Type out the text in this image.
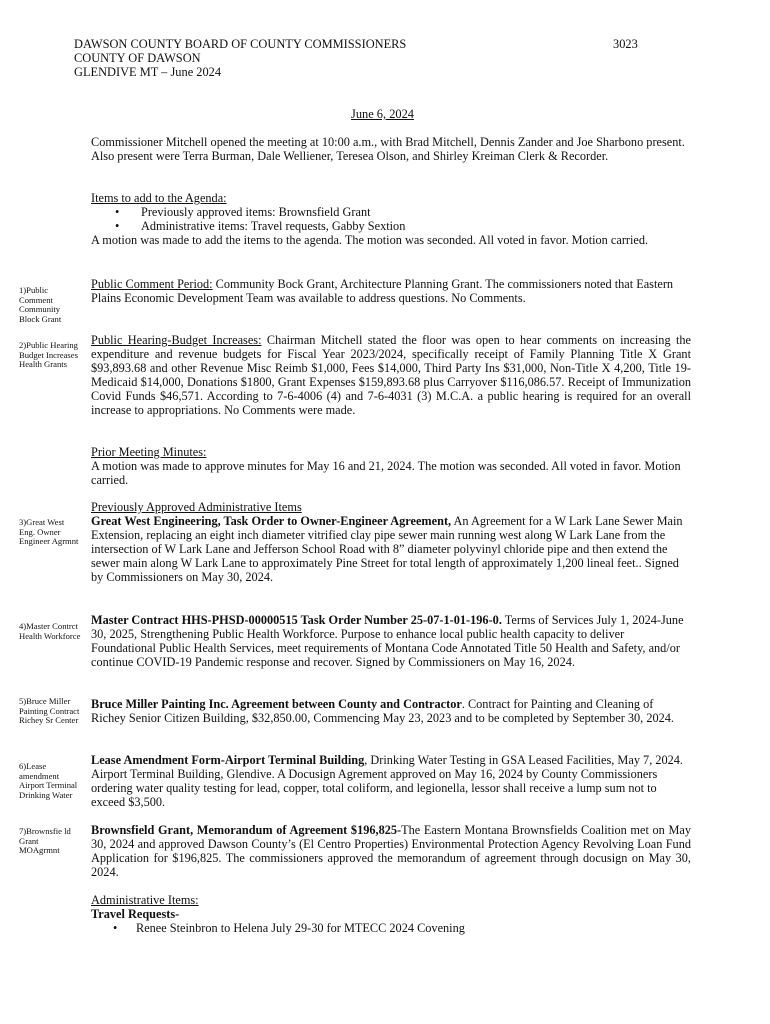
DAWSON COUNTY BOARD OF COUNTY COMMISSIONERS
COUNTY OF DAWSON
GLENDIVE MT – June 2024
3023
June 6, 2024
Commissioner Mitchell opened the meeting at 10:00 a.m., with Brad Mitchell, Dennis Zander and Joe Sharbono present. Also present were Terra Burman, Dale Welliener, Teresea Olson, and Shirley Kreiman Clerk & Recorder.
Items to add to the Agenda:
• Previously approved items: Brownsfield Grant
• Administrative items: Travel requests, Gabby Sextion
A motion was made to add the items to the agenda. The motion was seconded. All voted in favor. Motion carried.
1)Public Comment Community Block Grant
2)Public Hearing Budget Increases Health Grants
3)Great West Eng. Owner Engineer Agrmnt
4)Master Contrct Health Workforce
5)Bruce Miller Painting Contract Richey Sr Center
6)Lease amendment Airport Terminal Drinking Water
7)Brownsfie ld Grant MOAgrmnt
Public Comment Period: Community Bock Grant, Architecture Planning Grant. The commissioners noted that Eastern Plains Economic Development Team was available to address questions. No Comments.
Public Hearing-Budget Increases: Chairman Mitchell stated the floor was open to hear comments on increasing the expenditure and revenue budgets for Fiscal Year 2023/2024, specifically receipt of Family Planning Title X Grant $93,893.68 and other Revenue Misc Reimb $1,000, Fees $14,000, Third Party Ins $31,000, Non-Title X 4,200, Title 19-Medicaid $14,000, Donations $1800, Grant Expenses $159,893.68 plus Carryover $116,086.57. Receipt of Immunization Covid Funds $46,571. According to 7-6-4006 (4) and 7-6-4031 (3) M.C.A. a public hearing is required for an overall increase to appropriations. No Comments were made.
Prior Meeting Minutes:
A motion was made to approve minutes for May 16 and 21, 2024. The motion was seconded. All voted in favor. Motion carried.
Previously Approved Administrative Items
Great West Engineering, Task Order to Owner-Engineer Agreement, An Agreement for a W Lark Lane Sewer Main Extension, replacing an eight inch diameter vitrified clay pipe sewer main running west along W Lark Lane from the intersection of W Lark Lane and Jefferson School Road with 8” diameter polyvinyl chloride pipe and then extend the sewer main along W Lark Lane to approximately Pine Street for total length of approximately 1,200 lineal feet.. Signed by Commissioners on May 30, 2024.
Master Contract HHS-PHSD-00000515 Task Order Number 25-07-1-01-196-0. Terms of Services July 1, 2024-June 30, 2025, Strengthening Public Health Workforce. Purpose to enhance local public health capacity to deliver Foundational Public Health Services, meet requirements of Montana Code Annotated Title 50 Health and Safety, and/or continue COVID-19 Pandemic response and recover. Signed by Commissioners on May 16, 2024.
Bruce Miller Painting Inc. Agreement between County and Contractor. Contract for Painting and Cleaning of Richey Senior Citizen Building, $32,850.00, Commencing May 23, 2023 and to be completed by September 30, 2024.
Lease Amendment Form-Airport Terminal Building, Drinking Water Testing in GSA Leased Facilities, May 7, 2024. Airport Terminal Building, Glendive. A Docusign Agrement approved on May 16, 2024 by County Commissioners ordering water quality testing for lead, copper, total coliform, and legionella, lessor shall receive a lump sum not to exceed $3,500.
Brownsfield Grant, Memorandum of Agreement $196,825-The Eastern Montana Brownsfields Coalition met on May 30, 2024 and approved Dawson County’s (El Centro Properties) Environmental Protection Agency Revolving Loan Fund Application for $196,825. The commissioners approved the memorandum of agreement through docusign on May 30, 2024.
Administrative Items:
Travel Requests-
• Renee Steinbron to Helena July 29-30 for MTECC 2024 Covening
